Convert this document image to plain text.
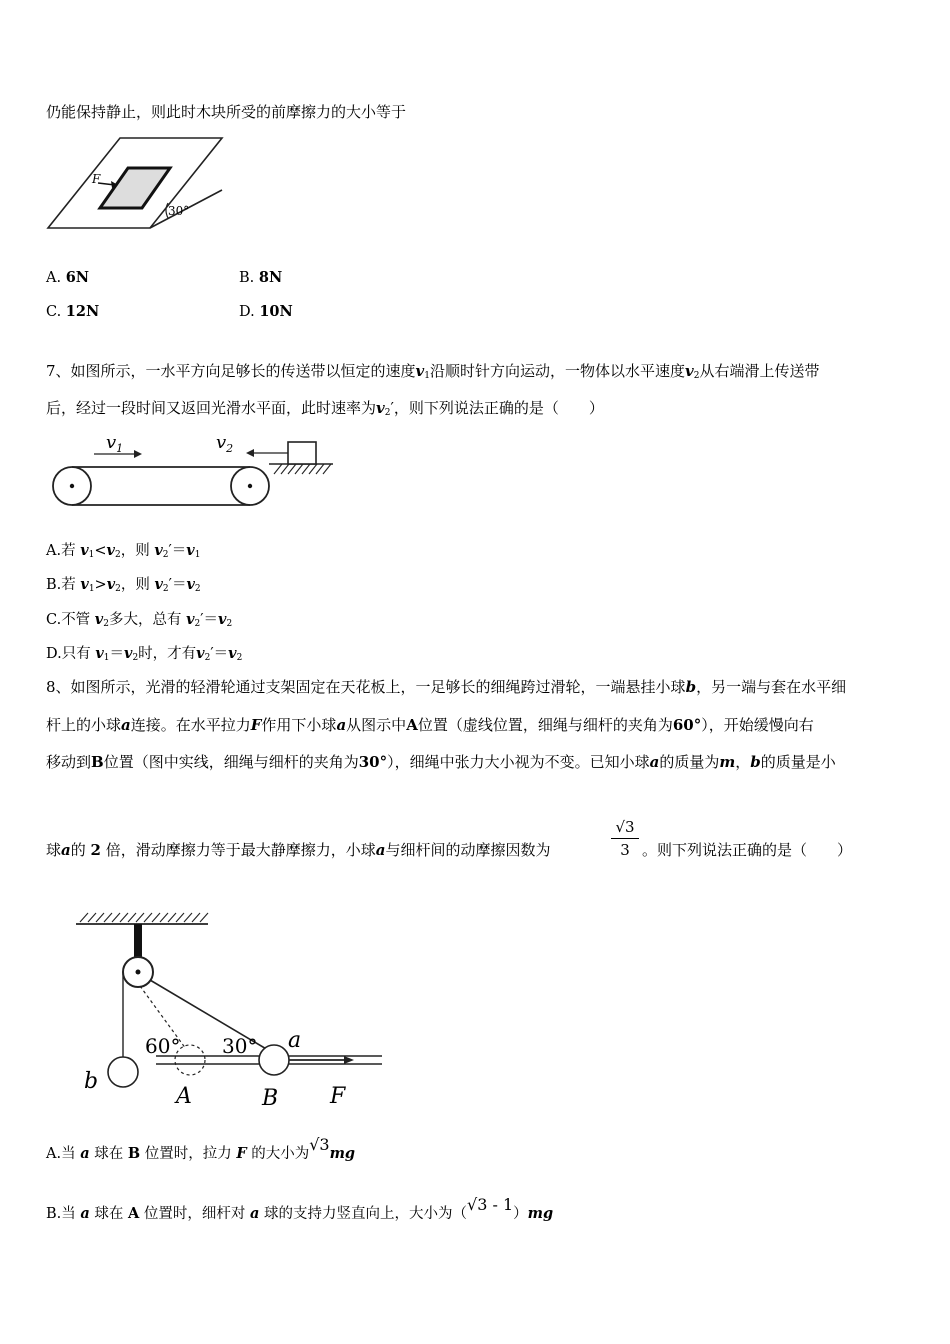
仍能保持静止，则此时木块所受的前摩擦力的大小等于
F
30°
A. 6N	B. 8N
C. 12N	D. 10N
7、如图所示，一水平方向足够长的传送带以恒定的速度$v_1$沿顺时针方向运动，一物体以水平速度$v_2$从右端滑上传送带
后，经过一段时间又返回光滑水平面，此时速率为$v_2'$，则下列说法正确的是（　　）
$v_1$	$v_2$
A.若 $v_1<v_2$，则 $v_2'=v_1$
B.若 $v_1>v_2$，则 $v_2'=v_2$
C.不管 $v_2$多大，总有 $v_2'=v_2$
D.只有 $v_1=v_2$时，才有$v_2'=v_2$
8、如图所示，光滑的轻滑轮通过支架固定在天花板上，一足够长的细绳跨过滑轮，一端悬挂小球b，另一端与套在水平细
杆上的小球a连接。在水平拉力F作用下小球a从图示中A位置（虚线位置，细绳与细杆的夹角为60°），开始缓慢向右
移动到B位置（图中实线，细绳与细杆的夹角为30°），细绳中张力大小视为不变。已知小球a的质量为m，b的质量是小
球a的 2 倍，滑动摩擦力等于最大静摩擦力，小球a与细杆间的动摩擦因数为
√3
3 。则下列说法正确的是（　　）
60° 30° a
b
A	B F
A.当 a 球在 B 位置时，拉力 F 的大小为√3mg
B.当 a 球在 A 位置时，细杆对 a 球的支持力竖直向上，大小为（√3 - 1）mg
